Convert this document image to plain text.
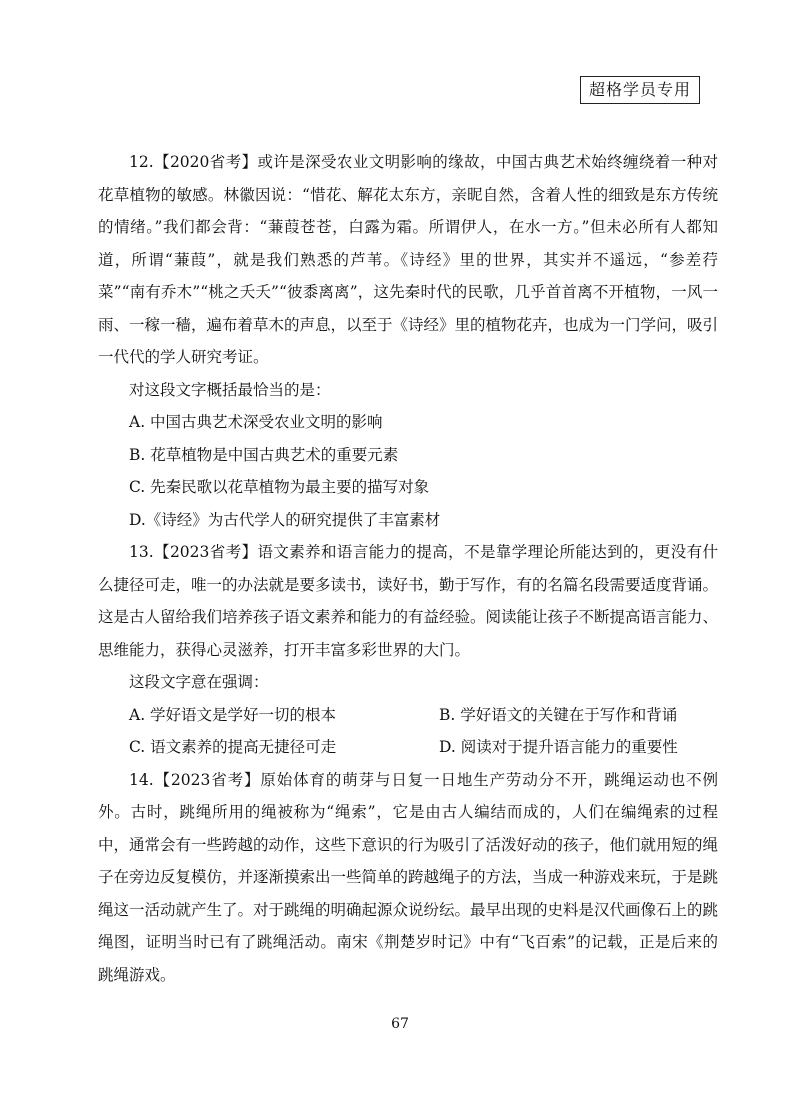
超格学员专用

12.【2020省考】或许是深受农业文明影响的缘故，中国古典艺术始终缠绕着一种对花草植物的敏感。林徽因说：“惜花、解花太东方，亲昵自然，含着人性的细致是东方传统的情绪。”我们都会背：“蒹葭苍苍，白露为霜。所谓伊人，在水一方。”但未必所有人都知道，所谓“蒹葭”，就是我们熟悉的芦苇。《诗经》里的世界，其实并不遥远，“参差荇菜”“南有乔木”“桃之夭夭”“彼黍离离”，这先秦时代的民歌，几乎首首离不开植物，一风一雨、一稼一穑，遍布着草木的声息，以至于《诗经》里的植物花卉，也成为一门学问，吸引一代代的学人研究考证。

对这段文字概括最恰当的是：

A. 中国古典艺术深受农业文明的影响

B. 花草植物是中国古典艺术的重要元素

C. 先秦民歌以花草植物为最主要的描写对象

D.《诗经》为古代学人的研究提供了丰富素材

13.【2023省考】语文素养和语言能力的提高，不是靠学理论所能达到的，更没有什么捷径可走，唯一的办法就是要多读书，读好书，勤于写作，有的名篇名段需要适度背诵。这是古人留给我们培养孩子语文素养和能力的有益经验。阅读能让孩子不断提高语言能力、思维能力，获得心灵滋养，打开丰富多彩世界的大门。

这段文字意在强调：

A. 学好语文是学好一切的根本	B. 学好语文的关键在于写作和背诵
C. 语文素养的提高无捷径可走	D. 阅读对于提升语言能力的重要性

14.【2023省考】原始体育的萌芽与日复一日地生产劳动分不开，跳绳运动也不例外。古时，跳绳所用的绳被称为“绳索”，它是由古人编结而成的，人们在编绳索的过程中，通常会有一些跨越的动作，这些下意识的行为吸引了活泼好动的孩子，他们就用短的绳子在旁边反复模仿，并逐渐摸索出一些简单的跨越绳子的方法，当成一种游戏来玩，于是跳绳这一活动就产生了。对于跳绳的明确起源众说纷纭。最早出现的史料是汉代画像石上的跳绳图，证明当时已有了跳绳活动。南宋《荆楚岁时记》中有“飞百索”的记载，正是后来的跳绳游戏。

67
